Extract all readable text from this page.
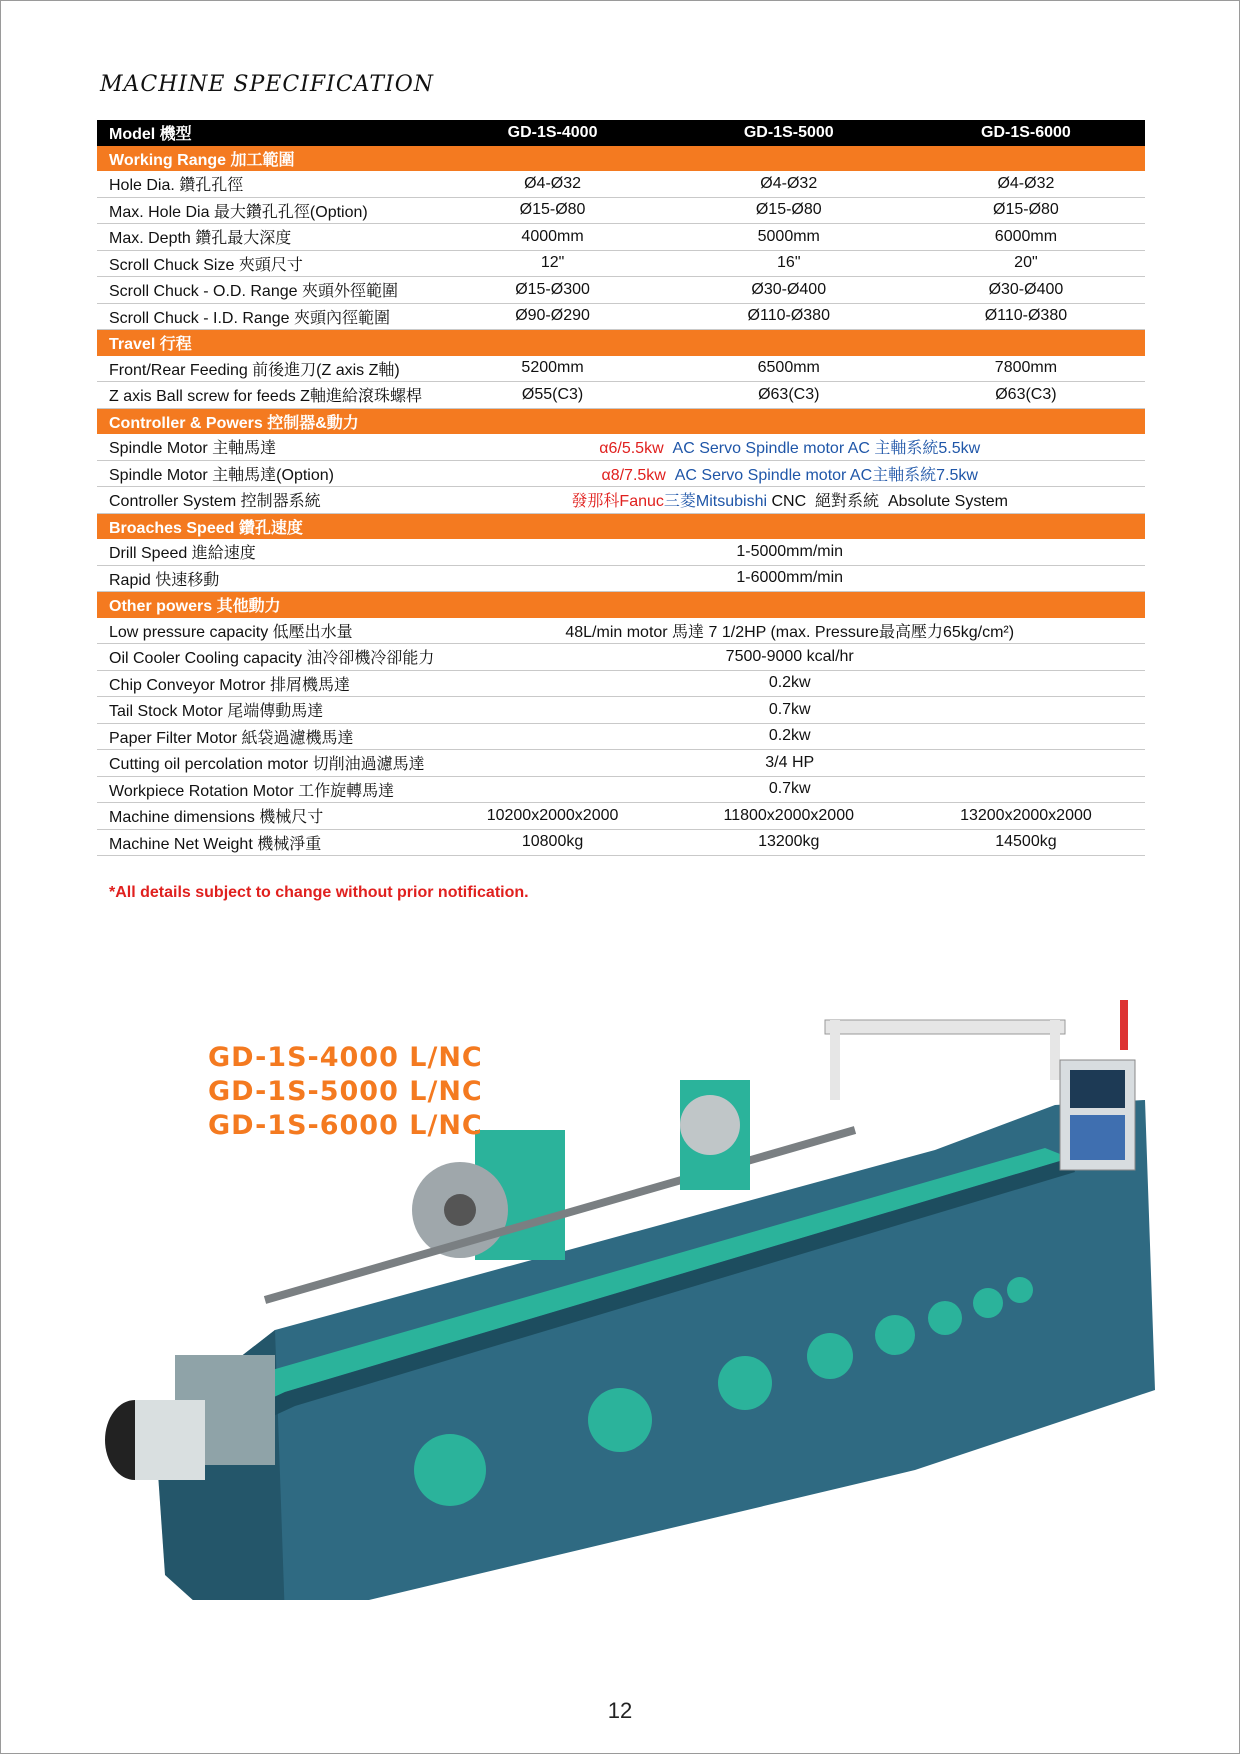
MACHINE SPECIFICATION
Model 機型	GD-1S-4000	GD-1S-5000	GD-1S-6000
Working Range 加工範圍			
Hole Dia. 鑽孔孔徑	Ø4-Ø32	Ø4-Ø32	Ø4-Ø32
Max. Hole Dia 最大鑽孔孔徑(Option)	Ø15-Ø80	Ø15-Ø80	Ø15-Ø80
Max. Depth 鑽孔最大深度	4000mm	5000mm	6000mm
Scroll Chuck Size 夾頭尺寸	12"	16"	20"
Scroll Chuck - O.D. Range 夾頭外徑範圍	Ø15-Ø300	Ø30-Ø400	Ø30-Ø400
Scroll Chuck - I.D. Range 夾頭內徑範圍	Ø90-Ø290	Ø110-Ø380	Ø110-Ø380
Travel 行程			
Front/Rear Feeding 前後進刀(Z axis Z軸)	5200mm	6500mm	7800mm
Z axis Ball screw for feeds Z軸進給滾珠螺桿	Ø55(C3)	Ø63(C3)	Ø63(C3)
Controller & Powers 控制器&動力			
Spindle Motor 主軸馬達	α6/5.5kw AC Servo Spindle motor AC 主軸系統5.5kw		
Spindle Motor 主軸馬達(Option)	α8/7.5kw AC Servo Spindle motor AC主軸系統7.5kw		
Controller System 控制器系統	發那科Fanuc三菱Mitsubishi CNC  絕對系統  Absolute System		
Broaches Speed 鑽孔速度			
Drill Speed 進給速度	1-5000mm/min		
Rapid 快速移動	1-6000mm/min		
Other powers 其他動力			
Low pressure capacity 低壓出水量	48L/min motor 馬達 7 1/2HP (max. Pressure最高壓力65kg/cm²)		
Oil Cooler Cooling capacity 油冷卻機冷卻能力	7500-9000 kcal/hr		
Chip Conveyor Motror 排屑機馬達	0.2kw		
Tail Stock Motor 尾端傳動馬達	0.7kw		
Paper Filter Motor 紙袋過濾機馬達	0.2kw		
Cutting oil percolation motor 切削油過濾馬達	3/4 HP		
Workpiece Rotation Motor 工作旋轉馬達	0.7kw		
Machine dimensions 機械尺寸	10200x2000x2000	11800x2000x2000	13200x2000x2000
Machine Net Weight 機械淨重	10800kg	13200kg	14500kg
*All details subject to change without prior notification.
GD-1S-4000 L/NC
GD-1S-5000 L/NC
GD-1S-6000 L/NC
12
